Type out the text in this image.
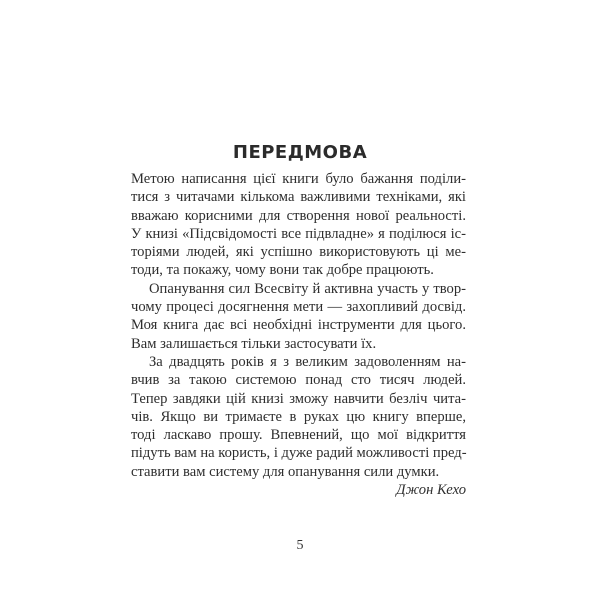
ПЕРЕДМОВА
Метою написання цієї книги було бажання поділи-
тися з читачами кількома важливими техніками, які
вважаю корисними для створення нової реальності.
У книзі «Підсвідомості все підвладне» я поділюся іс-
торіями людей, які успішно використовують ці ме-
тоди, та покажу, чому вони так добре працюють.
Опанування сил Всесвіту й активна участь у твор-
чому процесі досягнення мети — захопливий досвід.
Моя книга дає всі необхідні інструменти для цього.
Вам залишається тільки застосувати їх.
За двадцять років я з великим задоволенням на-
вчив за такою системою понад сто тисяч людей.
Тепер завдяки цій книзі зможу навчити безліч чита-
чів. Якщо ви тримаєте в руках цю книгу вперше,
тоді ласкаво прошу. Впевнений, що мої відкриття
підуть вам на користь, і дуже радий можливості пред-
ставити вам систему для опанування сили думки.
Джон Кехо
5
